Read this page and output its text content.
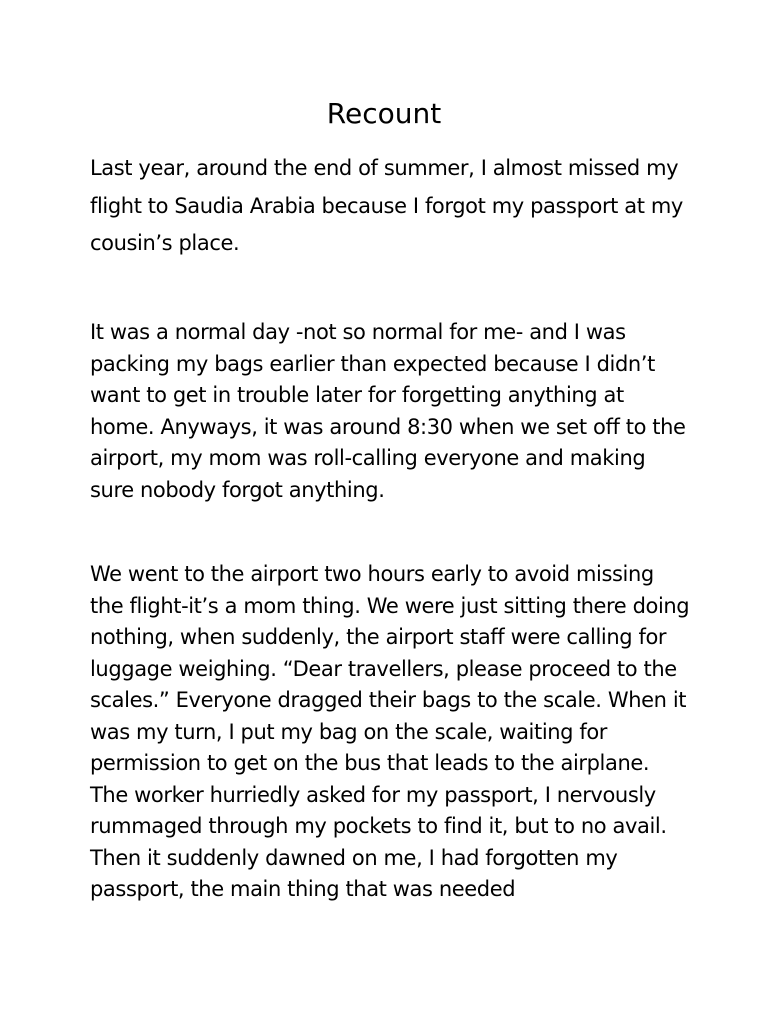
Recount

Last year, around the end of summer, I almost missed my flight to Saudia Arabia because I forgot my passport at my cousin’s place.

It was a normal day -not so normal for me- and I was packing my bags earlier than expected because I didn’t want to get in trouble later for forgetting anything at home. Anyways, it was around 8:30 when we set off to the airport, my mom was roll-calling everyone and making sure nobody forgot anything.

We went to the airport two hours early to avoid missing the flight-it’s a mom thing. We were just sitting there doing nothing, when suddenly, the airport staff were calling for luggage weighing. “Dear travellers, please proceed to the scales.” Everyone dragged their bags to the scale. When it was my turn, I put my bag on the scale, waiting for permission to get on the bus that leads to the airplane. The worker hurriedly asked for my passport, I nervously rummaged through my pockets to find it, but to no avail. Then it suddenly dawned on me, I had forgotten my passport, the main thing that was needed
